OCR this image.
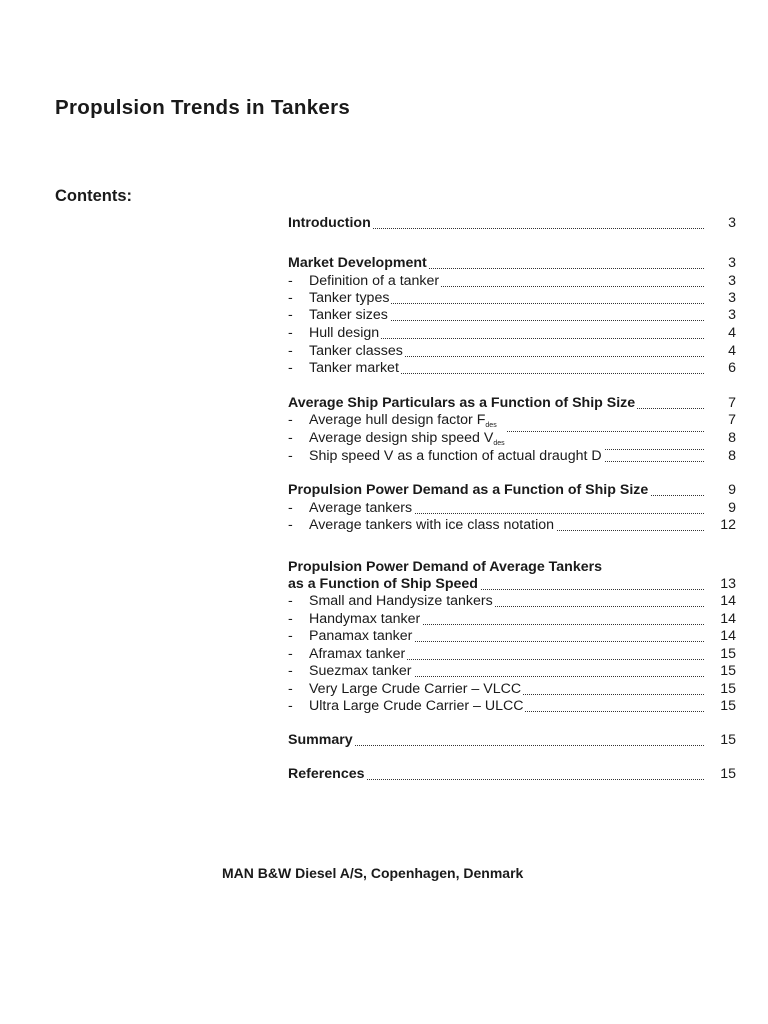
Propulsion Trends in Tankers
Contents:
Introduction	3
Market Development	3
- Definition of a tanker	3
- Tanker types	3
- Tanker sizes	3
- Hull design	4
- Tanker classes	4
- Tanker market	6
Average Ship Particulars as a Function of Ship Size	7
- Average hull design factor $F_{des}$	7
- Average design ship speed $V_{des}$	8
- Ship speed V as a function of actual draught D	8
Propulsion Power Demand as a Function of Ship Size	9
- Average tankers	9
- Average tankers with ice class notation	12
Propulsion Power Demand of Average Tankers
as a Function of Ship Speed	13
- Small and Handysize tankers	14
- Handymax tanker	14
- Panamax tanker	14
- Aframax tanker	15
- Suezmax tanker	15
- Very Large Crude Carrier – VLCC	15
- Ultra Large Crude Carrier – ULCC	15
Summary	15
References	15

MAN B&W Diesel A/S, Copenhagen, Denmark
